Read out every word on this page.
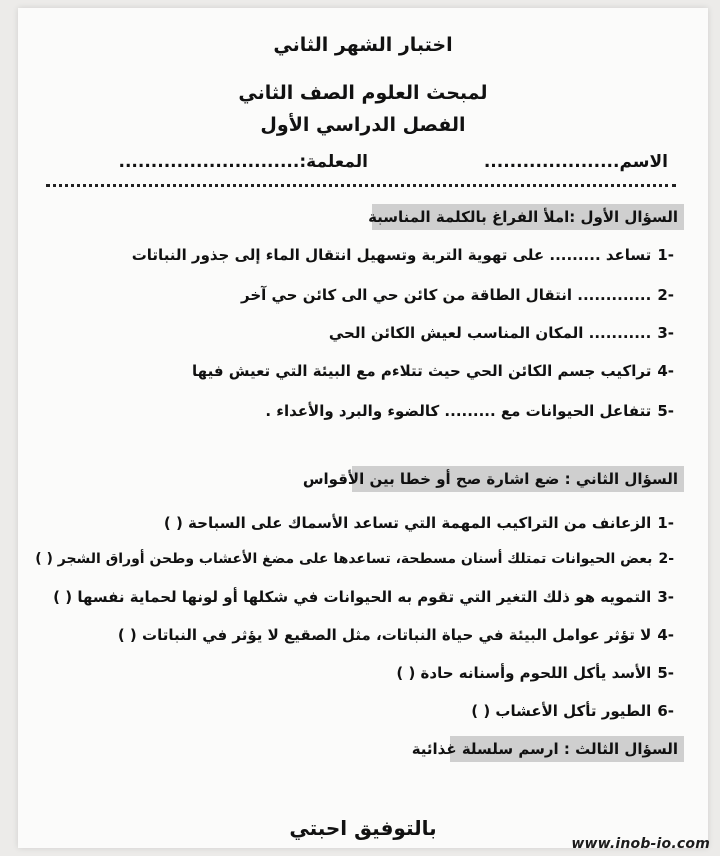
اختبار الشهر الثاني
لمبحث العلوم الصف الثاني
الفصل الدراسي الأول
الاسم.....................
المعلمة:............................
السؤال الأول :املأ الفراغ بالكلمة المناسبة
-1تساعد ......... على تهوية التربة وتسهيل انتقال الماء إلى جذور النباتات
-2............. انتقال الطاقة من كائن حي الى كائن حي آخر
-3........... المكان المناسب لعيش الكائن الحي
-4تراكيب جسم الكائن الحي حيث تتلاءم مع البيئة التي تعيش فيها
-5تتفاعل الحيوانات مع ......... كالضوء والبرد والأعداء .
السؤال الثاني : ضع اشارة صح أو خطا بين الأقواس
-1الزعانف من التراكيب المهمة التي تساعد الأسماك على السباحة ( )
-2بعض الحيوانات تمتلك أسنان مسطحة، تساعدها على مضغ الأعشاب وطحن أوراق الشجر ( )
-3التمويه هو ذلك التغير التي تقوم به الحيوانات في شكلها أو لونها لحماية نفسها ( )
-4لا تؤثر عوامل البيئة في حياة النباتات، مثل الصقيع لا يؤثر في النباتات ( )
-5الأسد يأكل اللحوم وأسنانه حادة ( )
-6الطيور تأكل الأعشاب ( )
السؤال الثالث : ارسم سلسلة غذائية
بالتوفيق احبتي
www.inob-io.com
